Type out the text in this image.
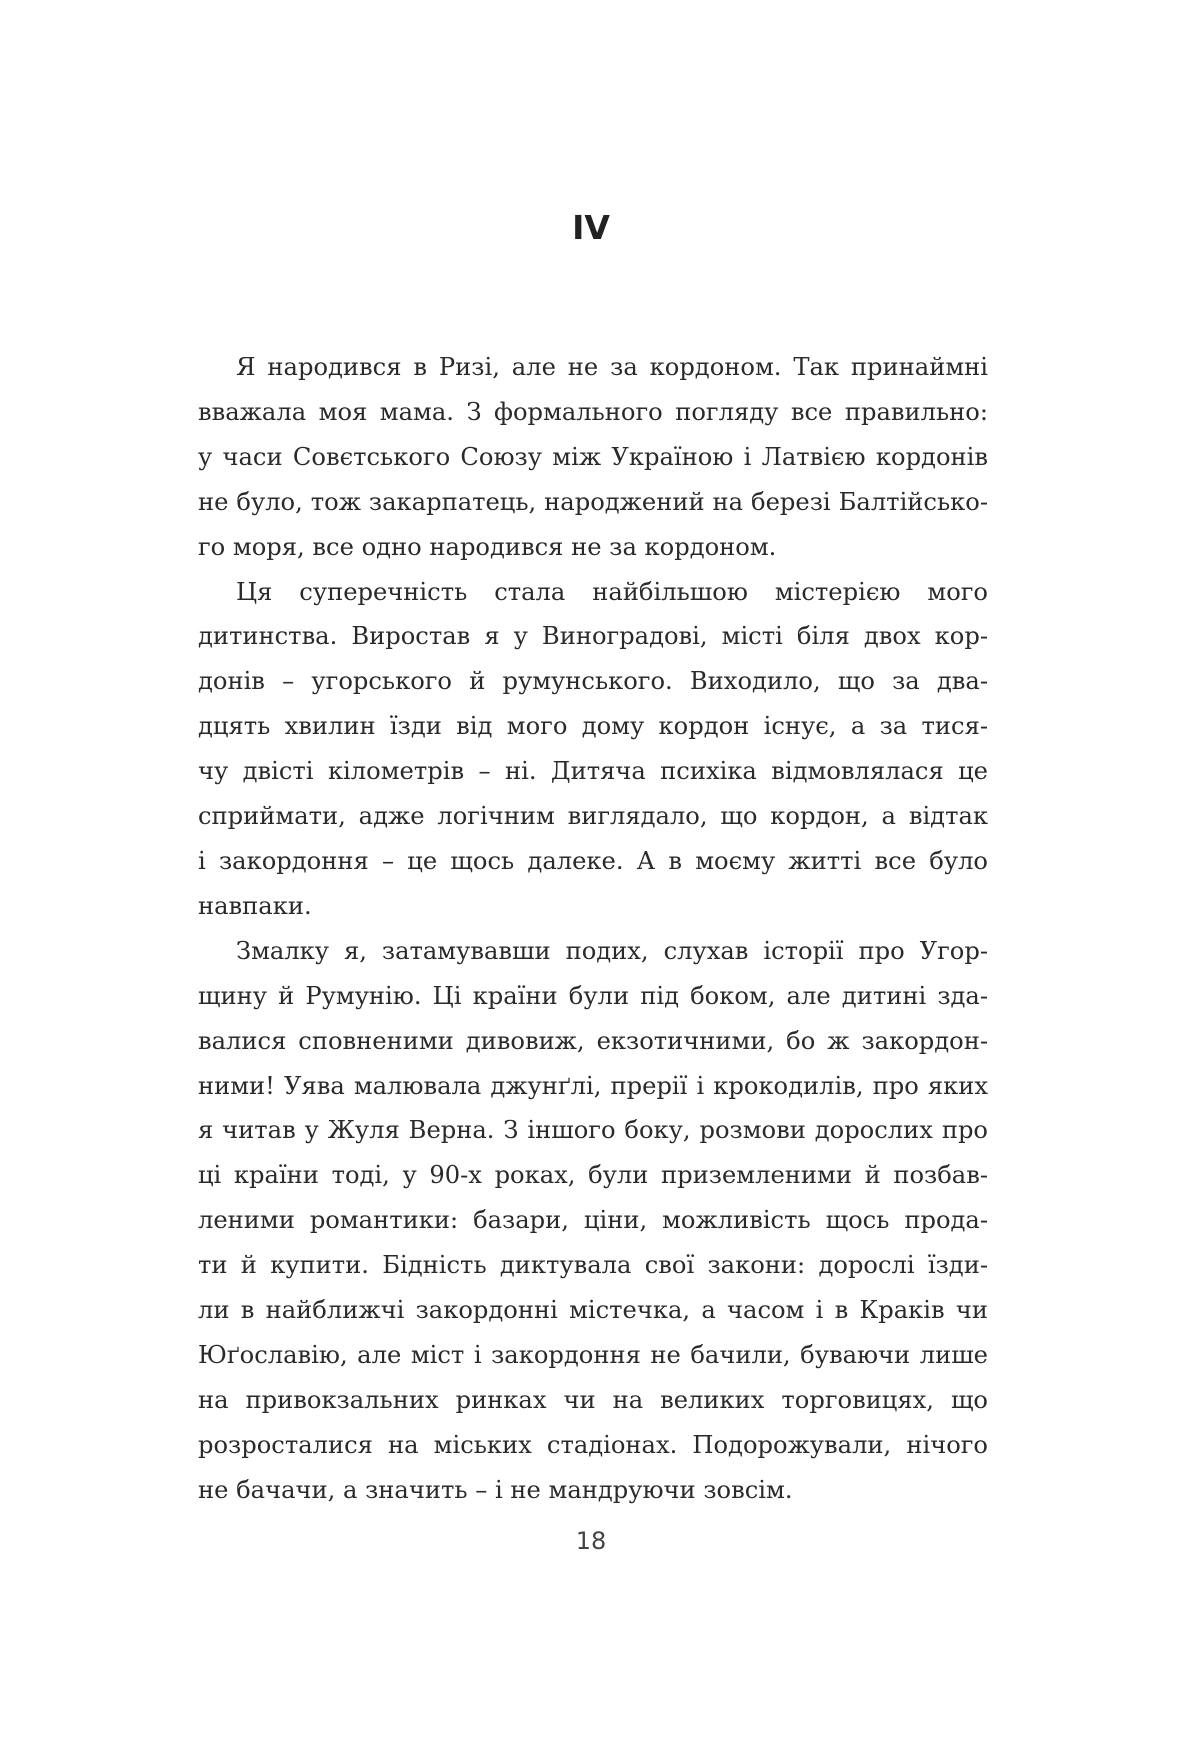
IV

Я народився в Ризі, але не за кордоном. Так принаймні
вважала моя мама. З формального погляду все правильно:
у часи Совєтського Союзу між Україною і Латвією кордонів
не було, тож закарпатець, народжений на березі Балтійсько-
го моря, все одно народився не за кордоном.

Ця суперечність стала найбільшою містерією мого
дитинства. Виростав я у Виноградові, місті біля двох кор-
донів – угорського й румунського. Виходило, що за два-
дцять хвилин їзди від мого дому кордон існує, а за тися-
чу двісті кілометрів – ні. Дитяча психіка відмовлялася це
сприймати, адже логічним виглядало, що кордон, а відтак
і закордоння – це щось далеке. А в моєму житті все було
навпаки.

Змалку я, затамувавши подих, слухав історії про Угор-
щину й Румунію. Ці країни були під боком, але дитині зда-
валися сповненими дивовиж, екзотичними, бо ж закордон-
ними! Уява малювала джунґлі, прерії і крокодилів, про яких
я читав у Жуля Верна. З іншого боку, розмови дорослих про
ці країни тоді, у 90-х роках, були приземленими й позбав-
леними романтики: базари, ціни, можливість щось прода-
ти й купити. Бідність диктувала свої закони: дорослі їзди-
ли в найближчі закордонні містечка, а часом і в Краків чи
Юґославію, але міст і закордоння не бачили, буваючи лише
на привокзальних ринках чи на великих торговицях, що
розросталися на міських стадіонах. Подорожували, нічого
не бачачи, а значить – і не мандруючи зовсім.

18
